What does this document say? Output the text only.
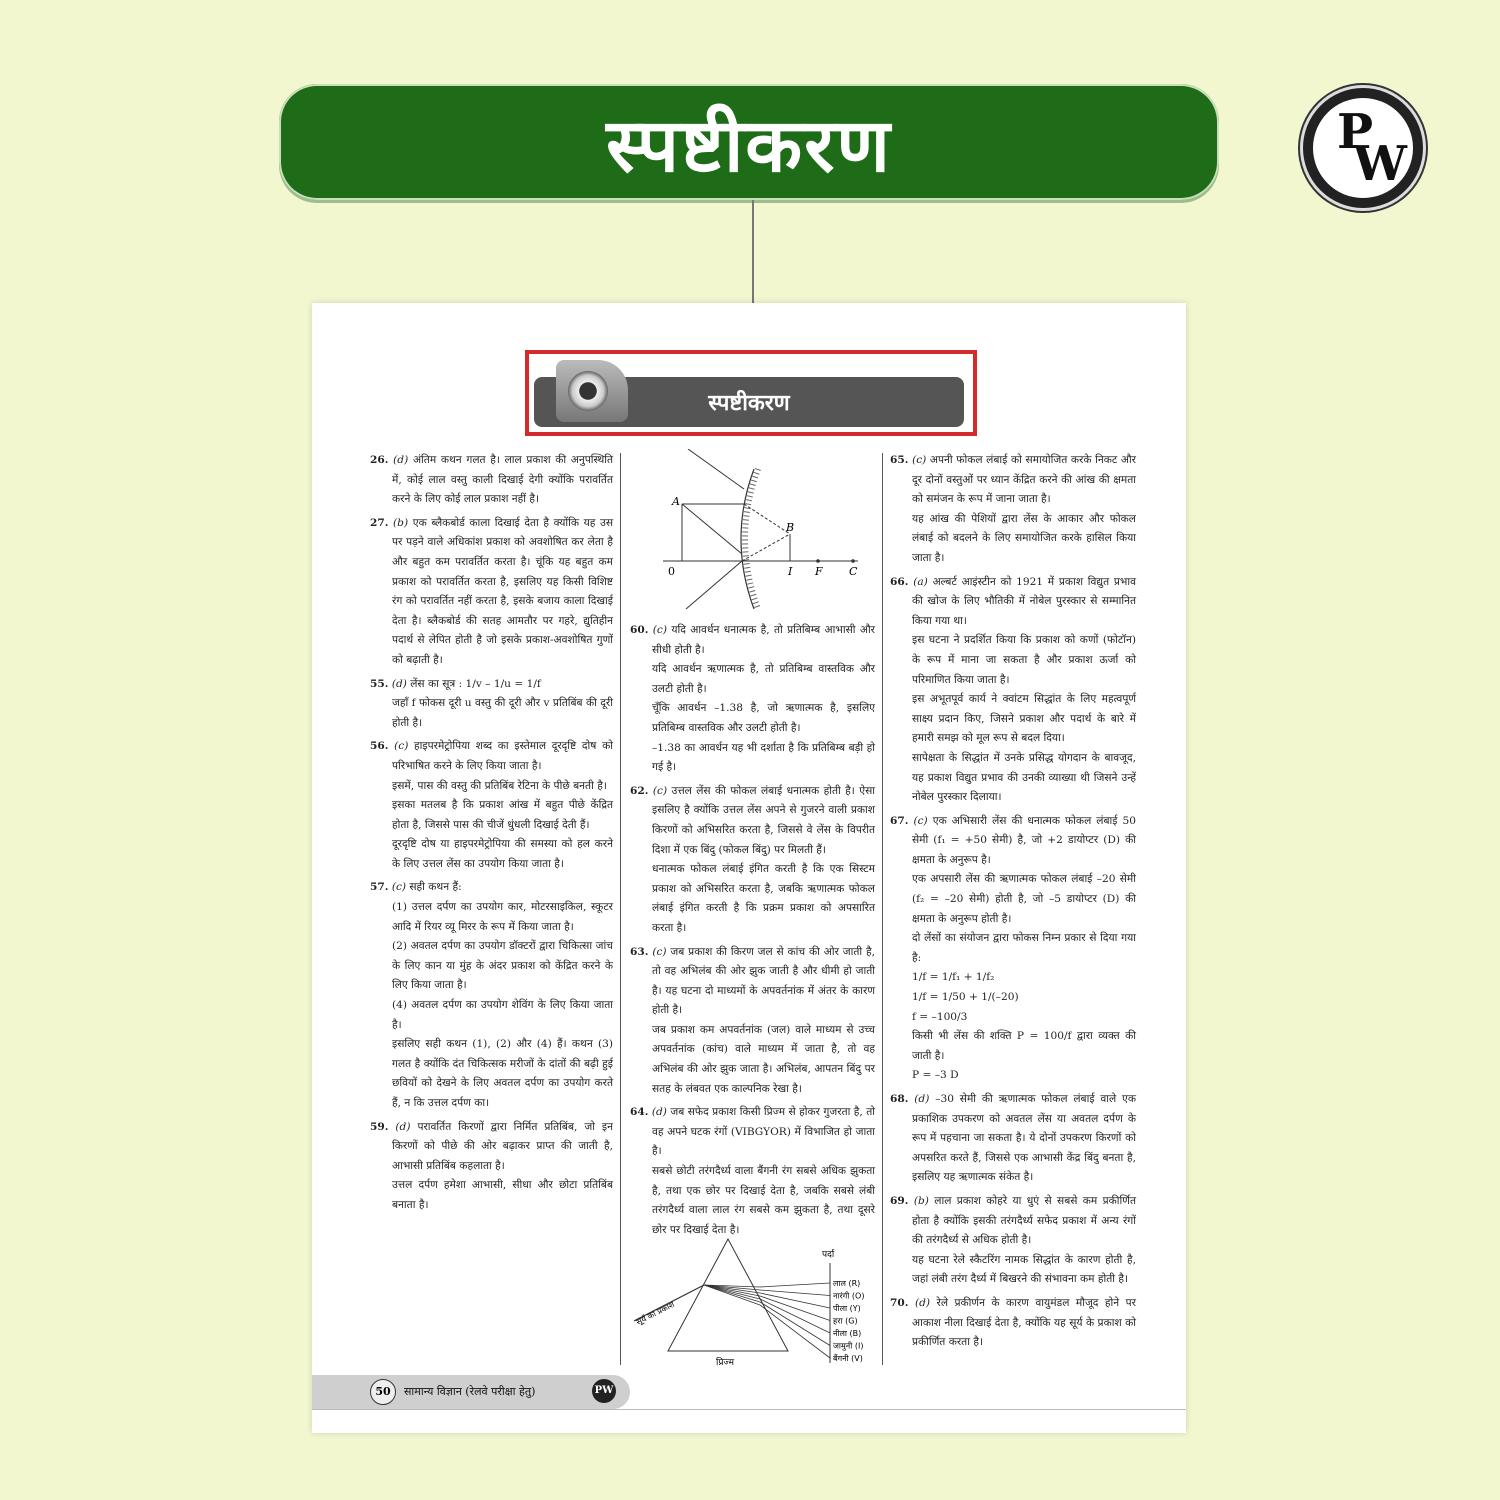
स्पष्टीकरण	P
W
स्पष्टीकरण
26. (d) अंतिम कथन गलत है। लाल प्रकाश की अनुपस्थिति में, कोई लाल वस्तु काली दिखाई देगी क्योंकि परावर्तित करने के लिए कोई लाल प्रकाश नहीं है।
27. (b) एक ब्लैकबोर्ड काला दिखाई देता है क्योंकि यह उस पर पड़ने वाले अधिकांश प्रकाश को अवशोषित कर लेता है और बहुत कम परावर्तित करता है। चूंकि यह बहुत कम प्रकाश को परावर्तित करता है, इसलिए यह किसी विशिष्ट रंग को परावर्तित नहीं करता है, इसके बजाय काला दिखाई देता है। ब्लैकबोर्ड की सतह आमतौर पर गहरे, द्युतिहीन पदार्थ से लेपित होती है जो इसके प्रकाश-अवशोषित गुणों को बढ़ाती है।
55. (d) लेंस का सूत्र : 1/v – 1/u = 1/f
जहाँ f फोकस दूरी u वस्तु की दूरी और v प्रतिबिंब की दूरी होती है।
56. (c) हाइपरमेट्रोपिया शब्द का इस्तेमाल दूरदृष्टि दोष को परिभाषित करने के लिए किया जाता है।
इसमें, पास की वस्तु की प्रतिबिंब रेटिना के पीछे बनती है।
इसका मतलब है कि प्रकाश आंख में बहुत पीछे केंद्रित होता है, जिससे पास की चीजें धुंधली दिखाई देती हैं।
दूरदृष्टि दोष या हाइपरमेट्रोपिया की समस्या को हल करने के लिए उत्तल लेंस का उपयोग किया जाता है।
57. (c) सही कथन हैं:
(1) उत्तल दर्पण का उपयोग कार, मोटरसाइकिल, स्कूटर आदि में रियर व्यू मिरर के रूप में किया जाता है।
(2) अवतल दर्पण का उपयोग डॉक्टरों द्वारा चिकित्सा जांच के लिए कान या मुंह के अंदर प्रकाश को केंद्रित करने के लिए किया जाता है।
(4) अवतल दर्पण का उपयोग शेविंग के लिए किया जाता है।
इसलिए सही कथन (1), (2) और (4) हैं। कथन (3) गलत है क्योंकि दंत चिकित्सक मरीजों के दांतों की बढ़ी हुई छवियों को देखने के लिए अवतल दर्पण का उपयोग करते हैं, न कि उत्तल दर्पण का।
59. (d) परावर्तित किरणों द्वारा निर्मित प्रतिबिंब, जो इन किरणों को पीछे की ओर बढ़ाकर प्राप्त की जाती है, आभासी प्रतिबिंब कहलाता है।
उत्तल दर्पण हमेशा आभासी, सीधा और छोटा प्रतिबिंब बनाता है।
A
B
0	I F C
60. (c) यदि आवर्धन धनात्मक है, तो प्रतिबिम्ब आभासी और सीधी होती है।
यदि आवर्धन ऋणात्मक है, तो प्रतिबिम्ब वास्तविक और उलटी होती है।
चूँकि आवर्धन –1.38 है, जो ऋणात्मक है, इसलिए प्रतिबिम्ब वास्तविक और उलटी होती है।
–1.38 का आवर्धन यह भी दर्शाता है कि प्रतिबिम्ब बड़ी हो गई है।
62. (c) उत्तल लेंस की फोकल लंबाई धनात्मक होती है। ऐसा इसलिए है क्योंकि उत्तल लेंस अपने से गुजरने वाली प्रकाश किरणों को अभिसरित करता है, जिससे वे लेंस के विपरीत दिशा में एक बिंदु (फोकल बिंदु) पर मिलती हैं।
धनात्मक फोकल लंबाई इंगित करती है कि एक सिस्टम प्रकाश को अभिसरित करता है, जबकि ऋणात्मक फोकल लंबाई इंगित करती है कि प्रक्रम प्रकाश को अपसारित करता है।
63. (c) जब प्रकाश की किरण जल से कांच की ओर जाती है, तो वह अभिलंब की ओर झुक जाती है और धीमी हो जाती है। यह घटना दो माध्यमों के अपवर्तनांक में अंतर के कारण होती है।
जब प्रकाश कम अपवर्तनांक (जल) वाले माध्यम से उच्च अपवर्तनांक (कांच) वाले माध्यम में जाता है, तो वह अभिलंब की ओर झुक जाता है। अभिलंब, आपतन बिंदु पर सतह के लंबवत एक काल्पनिक रेखा है।
64. (d) जब सफेद प्रकाश किसी प्रिज्म से होकर गुजरता है, तो वह अपने घटक रंगों (VIBGYOR) में विभाजित हो जाता है।
सबसे छोटी तरंगदैर्ध्य वाला बैंगनी रंग सबसे अधिक झुकता है, तथा एक छोर पर दिखाई देता है, जबकि सबसे लंबी तरंगदैर्ध्य वाला लाल रंग सबसे कम झुकता है, तथा दूसरे छोर पर दिखाई देता है।
पर्दा
सूर्य का प्रकाश
प्रिज्म
लाल (R)
नारंगी (O)
पीला (Y)
हरा (G)
नीला (B)
जामुनी (I)
बैंगनी (V)
65. (c) अपनी फोकल लंबाई को समायोजित करके निकट और दूर दोनों वस्तुओं पर ध्यान केंद्रित करने की आंख की क्षमता को समंजन के रूप में जाना जाता है।
यह आंख की पेशियों द्वारा लेंस के आकार और फोकल लंबाई को बदलने के लिए समायोजित करके हासिल किया जाता है।
66. (a) अल्बर्ट आइंस्टीन को 1921 में प्रकाश विद्युत प्रभाव की खोज के लिए भौतिकी में नोबेल पुरस्कार से सम्मानित किया गया था।
इस घटना ने प्रदर्शित किया कि प्रकाश को कणों (फोटॉन) के रूप में माना जा सकता है और प्रकाश ऊर्जा को परिमाणित किया जाता है।
इस अभूतपूर्व कार्य ने क्वांटम सिद्धांत के लिए महत्वपूर्ण साक्ष्य प्रदान किए, जिसने प्रकाश और पदार्थ के बारे में हमारी समझ को मूल रूप से बदल दिया।
सापेक्षता के सिद्धांत में उनके प्रसिद्ध योगदान के बावजूद, यह प्रकाश विद्युत प्रभाव की उनकी व्याख्या थी जिसने उन्हें नोबेल पुरस्कार दिलाया।
67. (c) एक अभिसारी लेंस की धनात्मक फोकल लंबाई 50 सेमी (f₁ = +50 सेमी) है, जो +2 डायोप्टर (D) की क्षमता के अनुरूप है।
एक अपसारी लेंस की ऋणात्मक फोकल लंबाई –20 सेमी (f₂ = –20 सेमी) होती है, जो –5 डायोप्टर (D) की क्षमता के अनुरूप होती है।
दो लेंसों का संयोजन द्वारा फोकस निम्न प्रकार से दिया गया है:
1/f = 1/f₁ + 1/f₂
1/f = 1/50 + 1/(–20)
f = –100/3
किसी भी लेंस की शक्ति P = 100/f द्वारा व्यक्त की जाती है।
P = –3 D
68. (d) –30 सेमी की ऋणात्मक फोकल लंबाई वाले एक प्रकाशिक उपकरण को अवतल लेंस या अवतल दर्पण के रूप में पहचाना जा सकता है। ये दोनों उपकरण किरणों को अपसरित करते हैं, जिससे एक आभासी केंद्र बिंदु बनता है, इसलिए यह ऋणात्मक संकेत है।
69. (b) लाल प्रकाश कोहरे या धुएं से सबसे कम प्रकीर्णित होता है क्योंकि इसकी तरंगदैर्ध्य सफेद प्रकाश में अन्य रंगों की तरंगदैर्ध्य से अधिक होती है।
यह घटना रेले स्कैटरिंग नामक सिद्धांत के कारण होती है, जहां लंबी तरंग दैर्ध्य में बिखरने की संभावना कम होती है।
70. (d) रेले प्रकीर्णन के कारण वायुमंडल मौजूद होने पर आकाश नीला दिखाई देता है, क्योंकि यह सूर्य के प्रकाश को प्रकीर्णित करता है।
50	सामान्य विज्ञान (रेलवे परीक्षा हेतु)	PW
